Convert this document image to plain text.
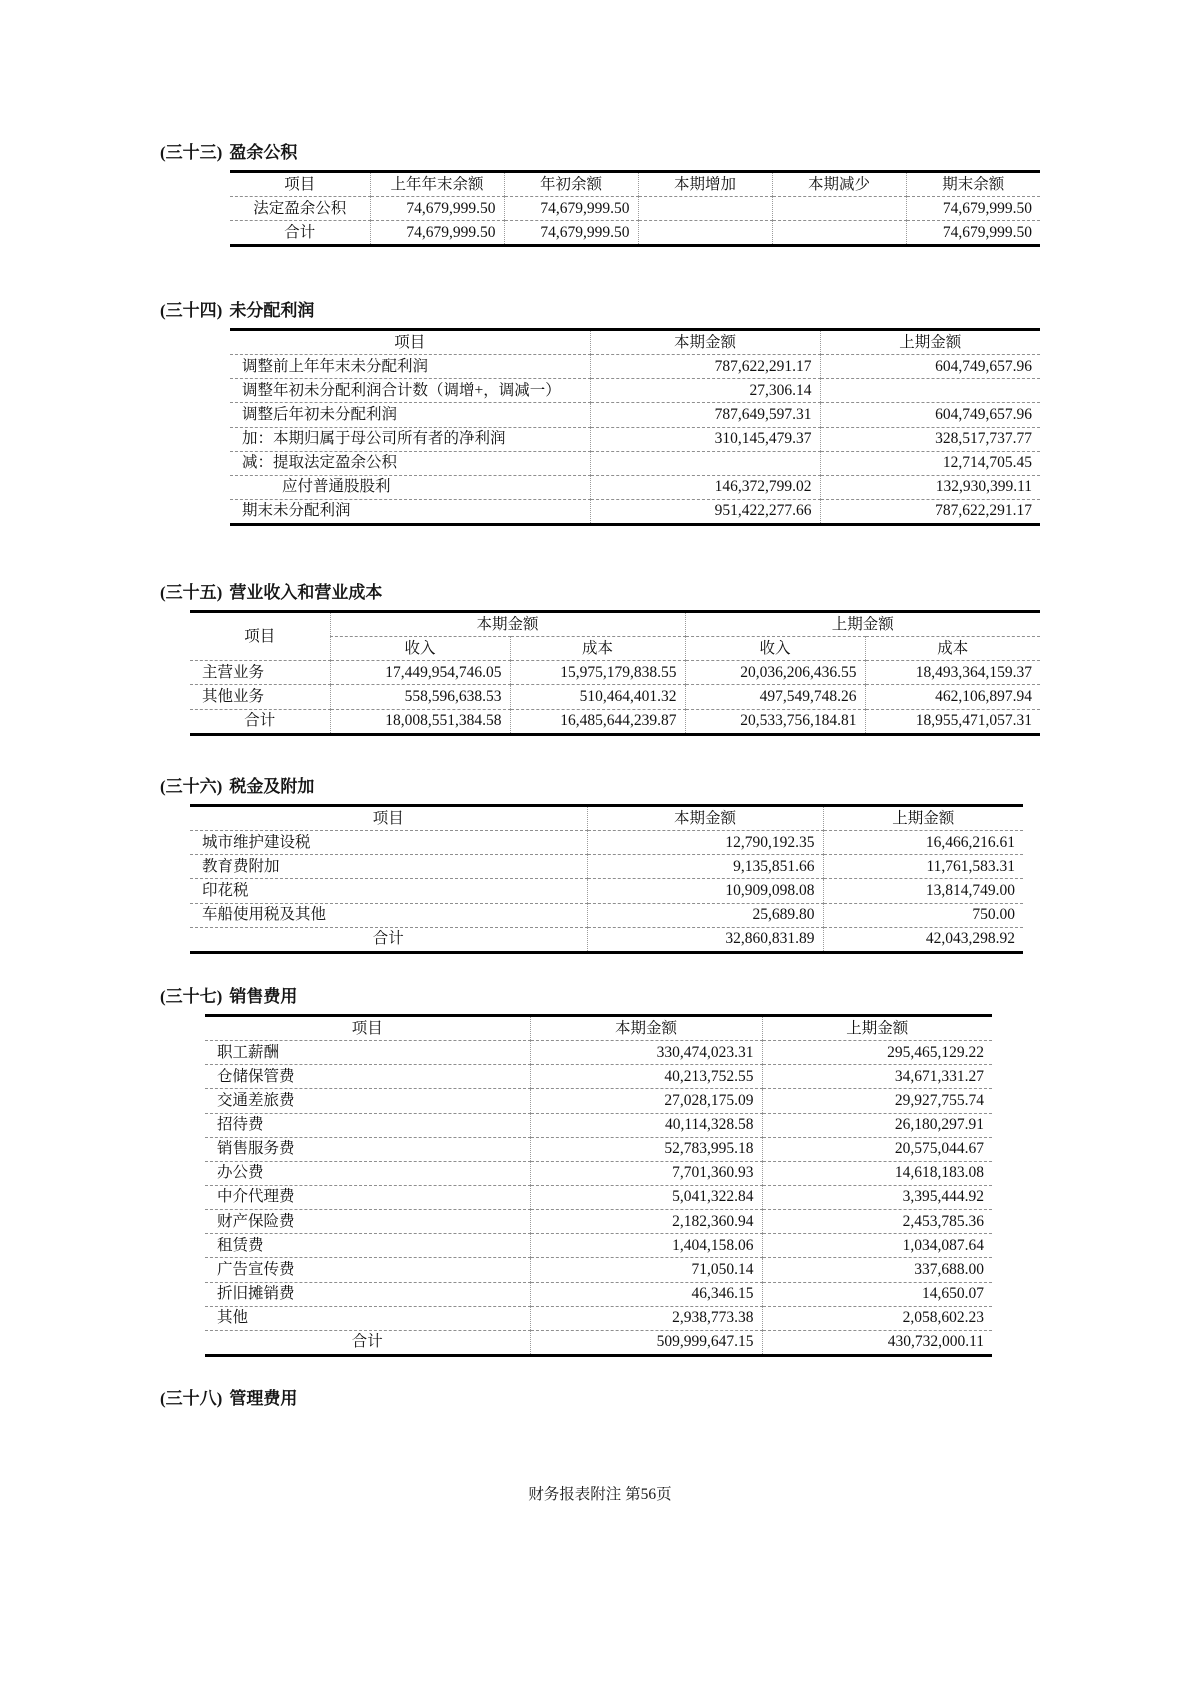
(三十三) 盈余公积
项目	上年年末余额	年初余额	本期增加	本期减少	期末余额
法定盈余公积	74,679,999.50	74,679,999.50			74,679,999.50
合计	74,679,999.50	74,679,999.50			74,679,999.50
(三十四) 未分配利润
项目	本期金额	上期金额
调整前上年年末未分配利润	787,622,291.17	604,749,657.96
调整年初未分配利润合计数（调增+，调减一）	27,306.14	
调整后年初未分配利润	787,649,597.31	604,749,657.96
加：本期归属于母公司所有者的净利润	310,145,479.37	328,517,737.77
减：提取法定盈余公积		12,714,705.45
应付普通股股利	146,372,799.02	132,930,399.11
期末未分配利润	951,422,277.66	787,622,291.17
(三十五) 营业收入和营业成本
项目	本期金额		上期金额	
	收入	成本	收入	成本
主营业务	17,449,954,746.05	15,975,179,838.55	20,036,206,436.55	18,493,364,159.37
其他业务	558,596,638.53	510,464,401.32	497,549,748.26	462,106,897.94
合计	18,008,551,384.58	16,485,644,239.87	20,533,756,184.81	18,955,471,057.31
(三十六) 税金及附加
项目	本期金额	上期金额
城市维护建设税	12,790,192.35	16,466,216.61
教育费附加	9,135,851.66	11,761,583.31
印花税	10,909,098.08	13,814,749.00
车船使用税及其他	25,689.80	750.00
合计	32,860,831.89	42,043,298.92
(三十七) 销售费用
项目	本期金额	上期金额
职工薪酬	330,474,023.31	295,465,129.22
仓储保管费	40,213,752.55	34,671,331.27
交通差旅费	27,028,175.09	29,927,755.74
招待费	40,114,328.58	26,180,297.91
销售服务费	52,783,995.18	20,575,044.67
办公费	7,701,360.93	14,618,183.08
中介代理费	5,041,322.84	3,395,444.92
财产保险费	2,182,360.94	2,453,785.36
租赁费	1,404,158.06	1,034,087.64
广告宣传费	71,050.14	337,688.00
折旧摊销费	46,346.15	14,650.07
其他	2,938,773.38	2,058,602.23
合计	509,999,647.15	430,732,000.11
(三十八) 管理费用
财务报表附注 第56页
